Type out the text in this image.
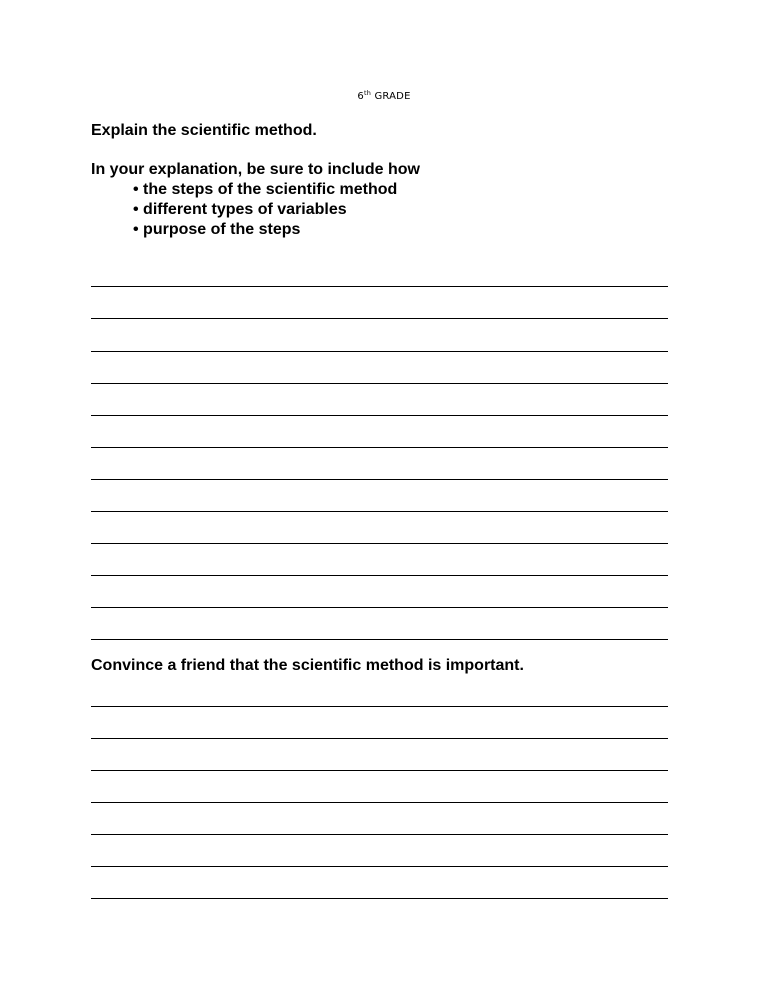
6th GRADE
Explain the scientific method.
In your explanation, be sure to include how
• the steps of the scientific method
• different types of variables
• purpose of the steps
Convince a friend that the scientific method is important.
